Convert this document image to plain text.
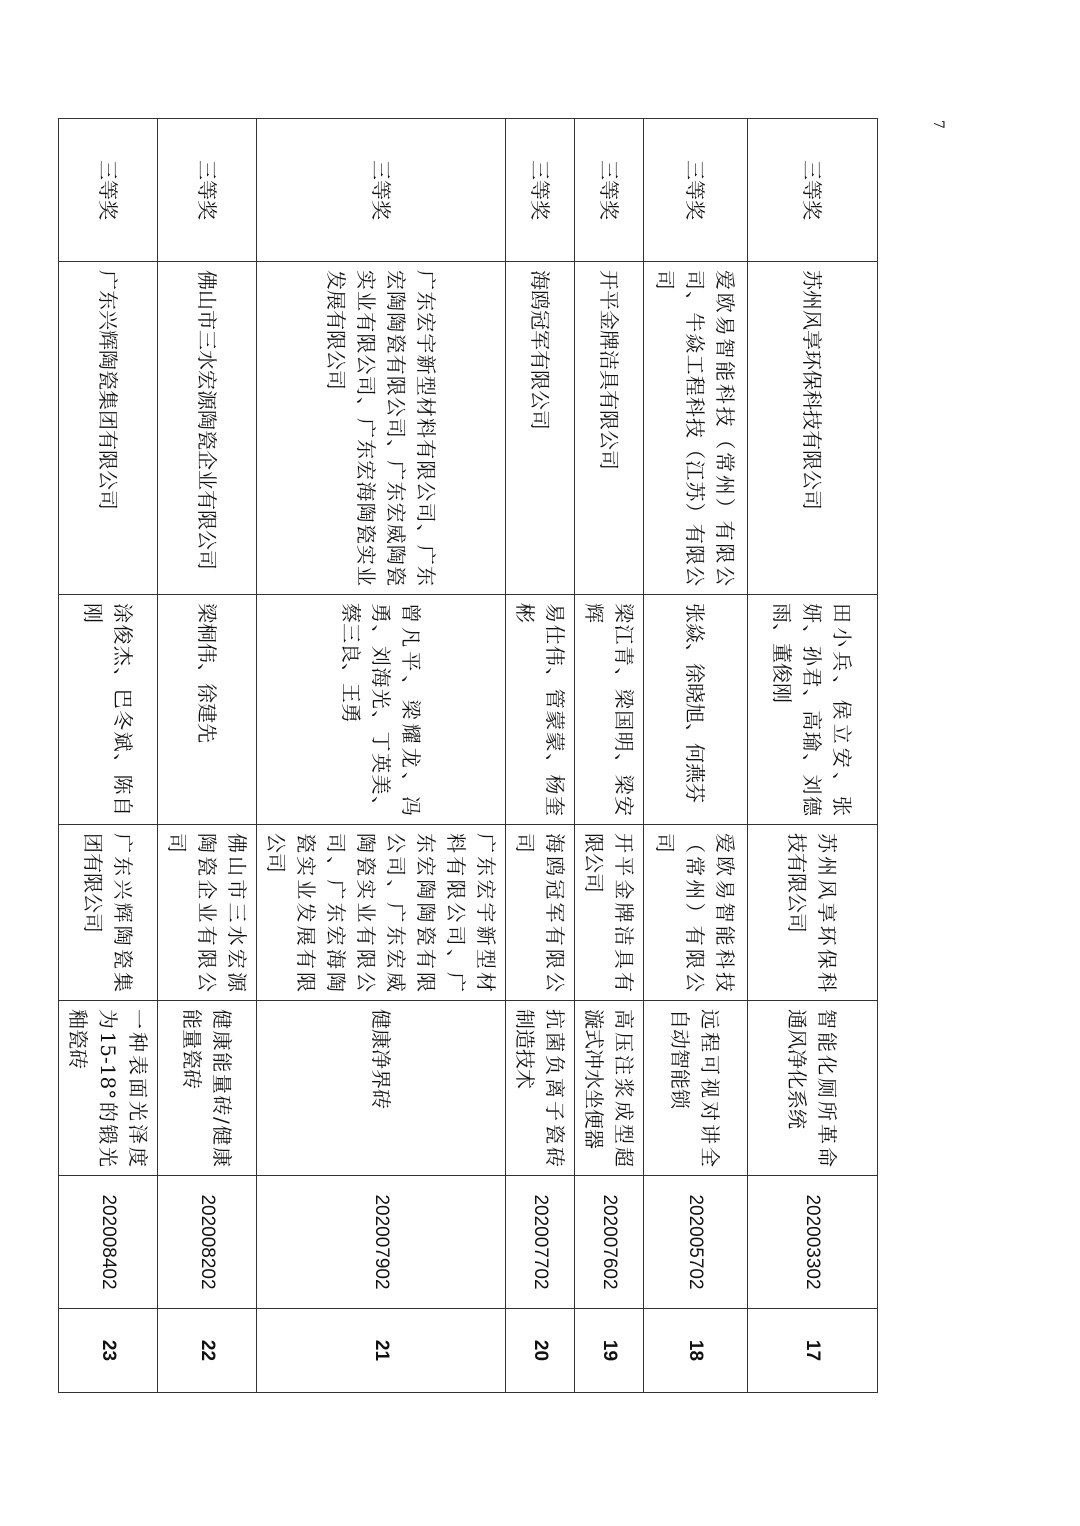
7
三等奖	苏州风享环保科技有限公司	田小兵、侯立安、张妍、孙君、高瑜、刘德雨、董俊刚	苏州风享环保科技有限公司	智能化厕所革命通风净化系统	202003302	17
三等奖	爱欧易智能科技（常州）有限公司、牛焱工程科技（江苏）有限公司	张焱、徐晓旭、何燕芬	爱欧易智能科技（常州）有限公司	远程可视对讲全自动智能锁	202005702	18
三等奖	开平金牌洁具有限公司	梁江青、梁国明、梁安辉	开平金牌洁具有限公司	高压注浆成型超漩式冲水坐便器	202007602	19
三等奖	海鸥冠军有限公司	易仕伟、管蒙蒙、杨奎彬	海鸥冠军有限公司	抗菌负离子瓷砖制造技术	202007702	20
三等奖	广东宏宇新型材料有限公司、广东宏陶陶瓷有限公司、广东宏威陶瓷实业有限公司、广东宏海陶瓷实业发展有限公司	曾凡平、梁耀龙、冯勇、刘海光、丁英美、蔡三良、王勇	广东宏宇新型材料有限公司、广东宏陶陶瓷有限公司、广东宏威陶瓷实业有限公司、广东宏海陶瓷实业发展有限公司	健康净界砖	202007902	21
三等奖	佛山市三水宏源陶瓷企业有限公司	梁桐伟、徐建先	佛山市三水宏源陶瓷企业有限公司	健康能量砖/健康能量瓷砖	202008202	22
三等奖	广东兴辉陶瓷集团有限公司	涂俊杰、巴冬斌、陈自刚	广东兴辉陶瓷集团有限公司	一种表面光泽度为15-18°的锻光釉瓷砖	202008402	23
